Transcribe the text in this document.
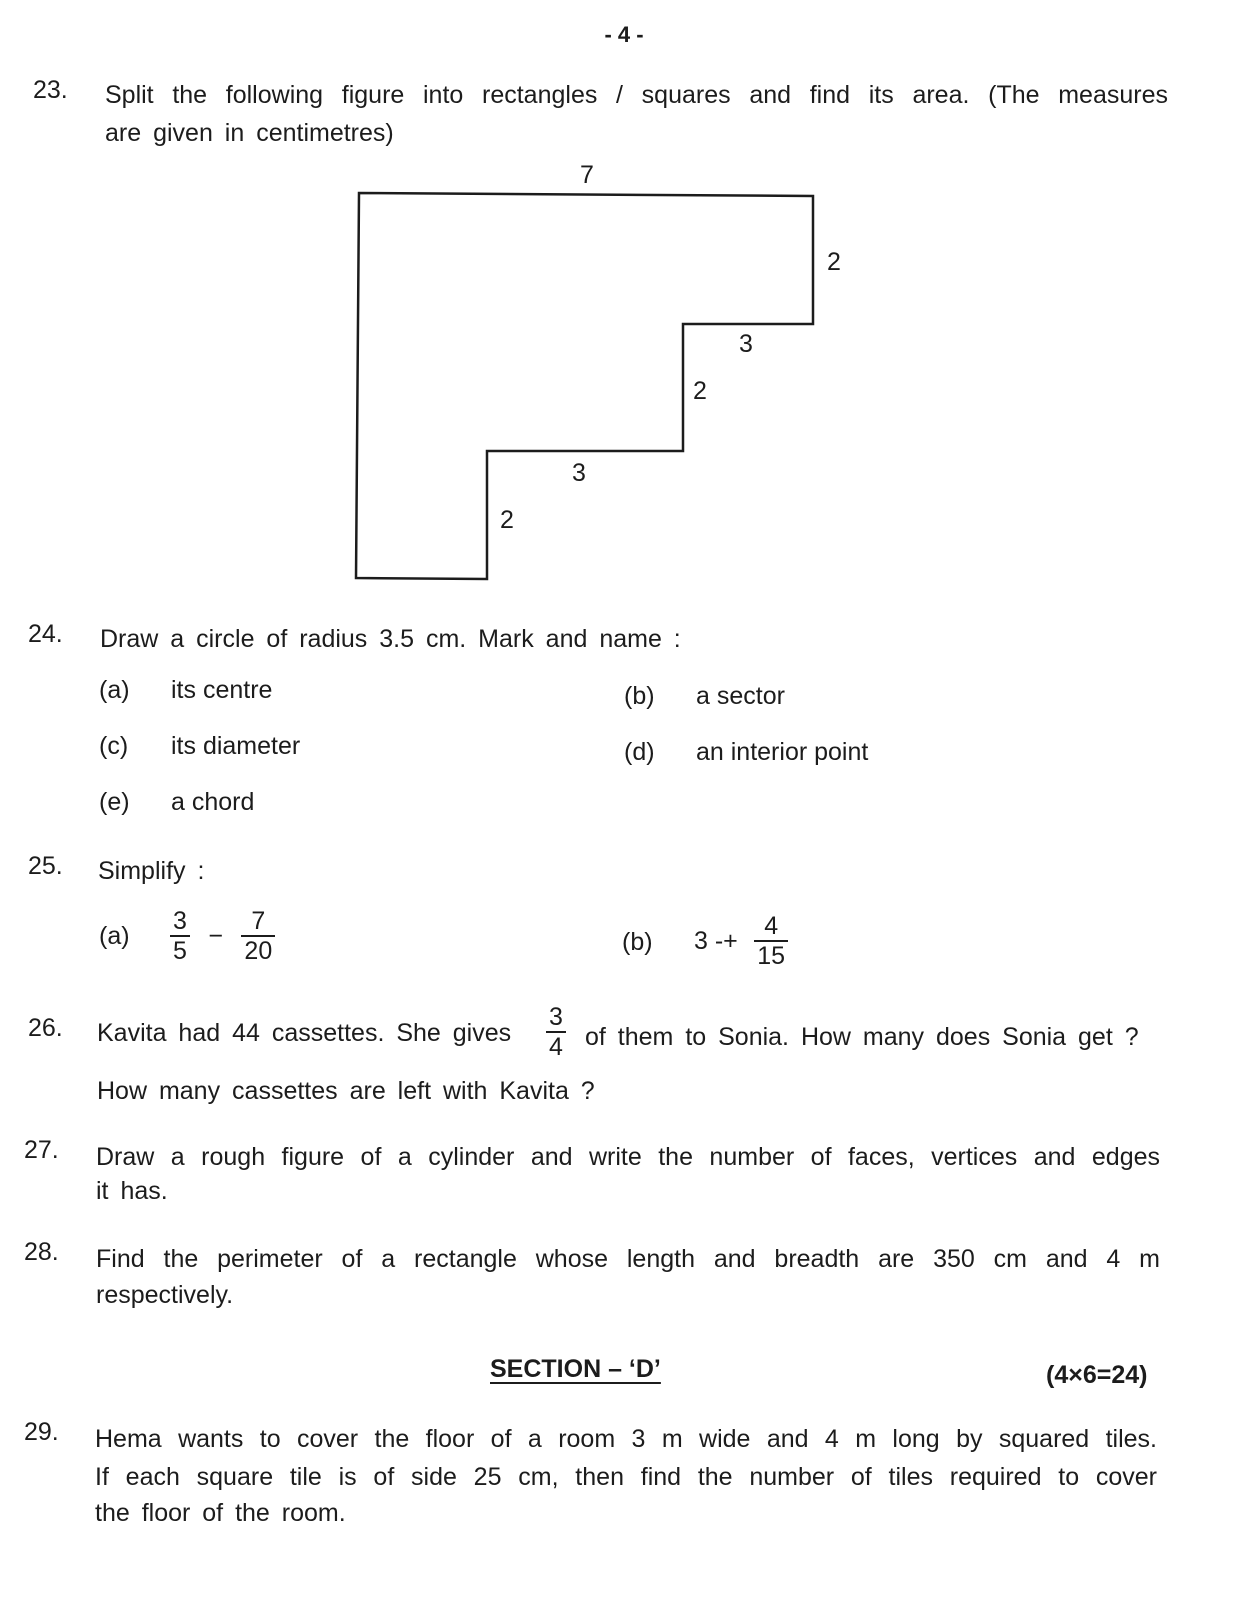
- 4 -
23. Split the following figure into rectangles / squares and find its area. (The measures
are given in centimetres)
7
2
3
2
3
2
24. Draw a circle of radius 3.5 cm. Mark and name :
(a) its centre	(b) a sector
(c) its diameter	(d) an interior point
(e) a chord
25. Simplify :
$(a) \frac{3}{5} - \frac{7}{20}$	(b) $3 -+ \frac{4}{15}$
26. Kavita had 44 cassettes. She gives $\frac{3}{4}$ of them to Sonia. How many does Sonia get ?
How many cassettes are left with Kavita ?
27. Draw a rough figure of a cylinder and write the number of faces, vertices and edges
it has.
28. Find the perimeter of a rectangle whose length and breadth are 350 cm and 4 m
respectively.
SECTION – ‘D’	(4×6=24)
29. Hema wants to cover the floor of a room 3 m wide and 4 m long by squared tiles.
If each square tile is of side 25 cm, then find the number of tiles required to cover
the floor of the room.
